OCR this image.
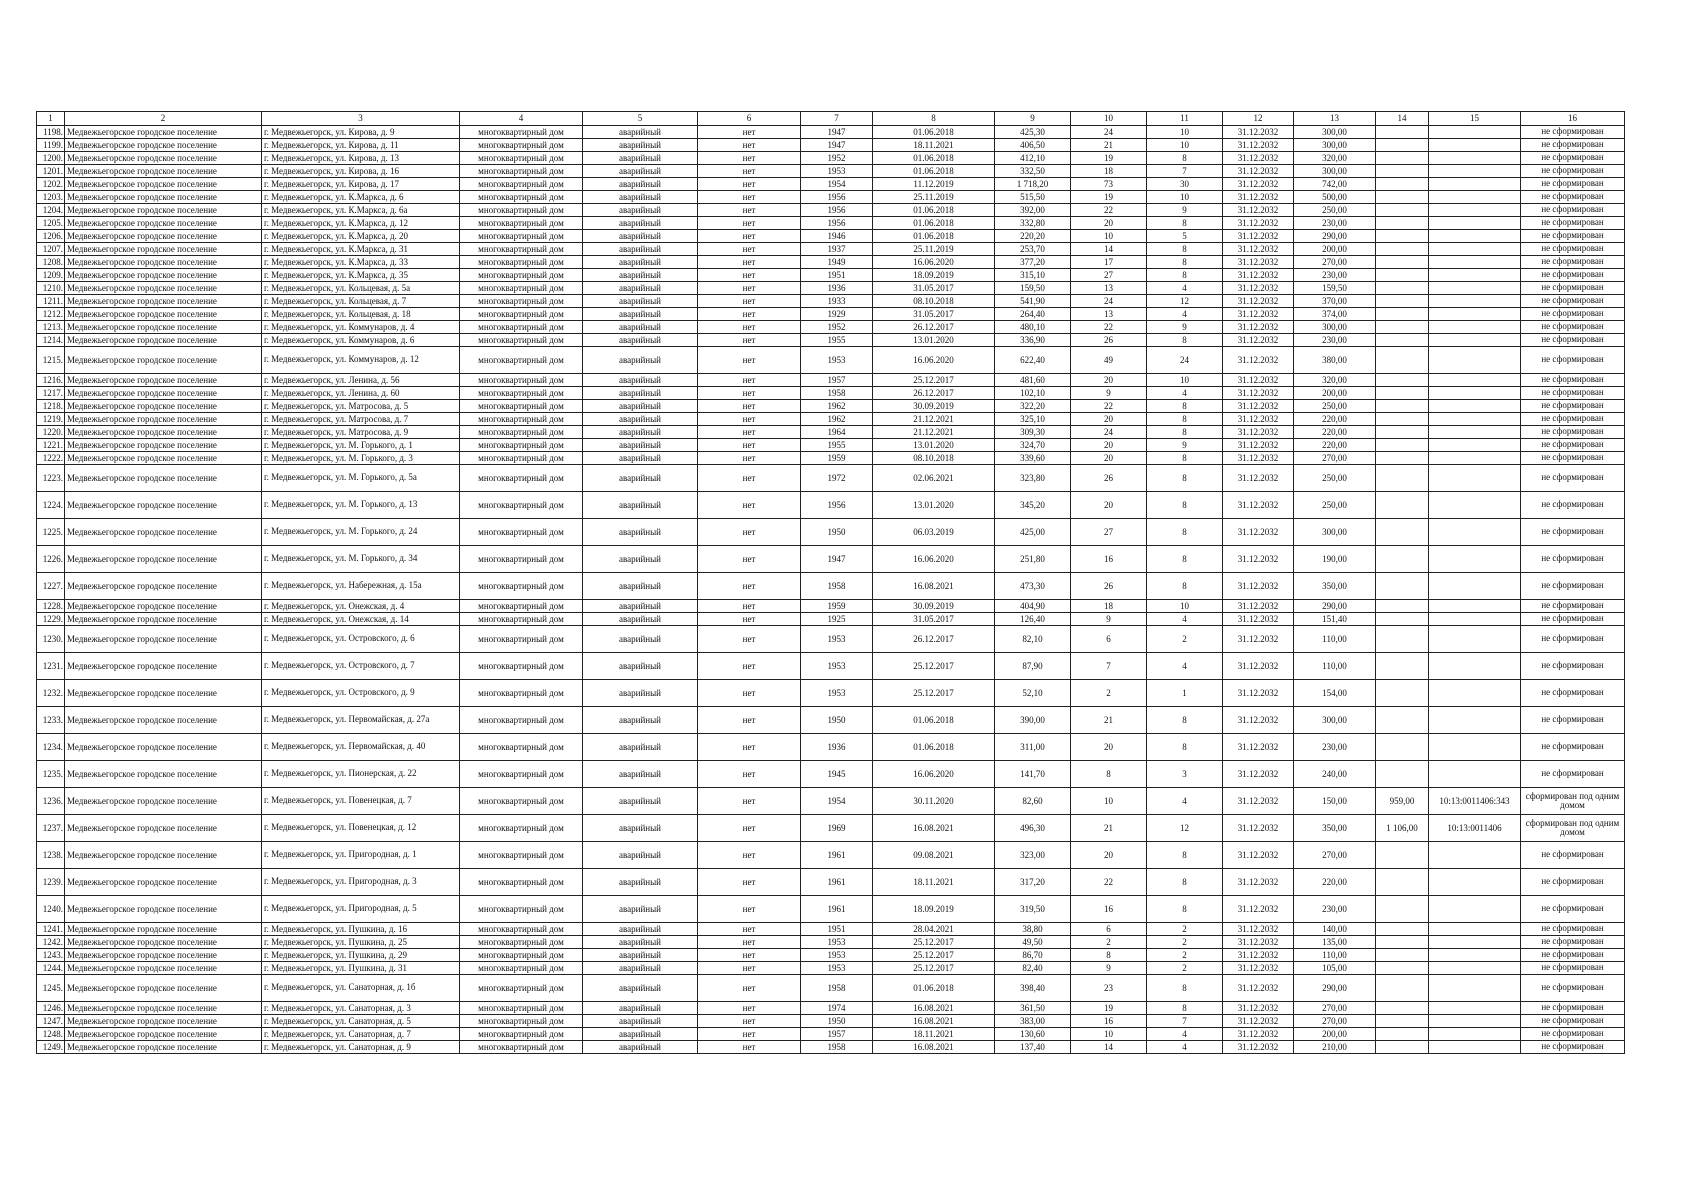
1	2	3	4	5	6	7	8	9	10	11	12	13	14	15	16
1198.	Медвежьегорское городское поселение	г. Медвежьегорск, ул. Кирова, д. 9	многоквартирный дом	аварийный	нет	1947	01.06.2018	425,30	24	10	31.12.2032	300,00			не сформирован
1199.	Медвежьегорское городское поселение	г. Медвежьегорск, ул. Кирова, д. 11	многоквартирный дом	аварийный	нет	1947	18.11.2021	406,50	21	10	31.12.2032	300,00			не сформирован
1200.	Медвежьегорское городское поселение	г. Медвежьегорск, ул. Кирова, д. 13	многоквартирный дом	аварийный	нет	1952	01.06.2018	412,10	19	8	31.12.2032	320,00			не сформирован
1201.	Медвежьегорское городское поселение	г. Медвежьегорск, ул. Кирова, д. 16	многоквартирный дом	аварийный	нет	1953	01.06.2018	332,50	18	7	31.12.2032	300,00			не сформирован
1202.	Медвежьегорское городское поселение	г. Медвежьегорск, ул. Кирова, д. 17	многоквартирный дом	аварийный	нет	1954	11.12.2019	1 718,20	73	30	31.12.2032	742,00			не сформирован
1203.	Медвежьегорское городское поселение	г. Медвежьегорск, ул. К.Маркса, д. 6	многоквартирный дом	аварийный	нет	1956	25.11.2019	515,50	19	10	31.12.2032	500,00			не сформирован
1204.	Медвежьегорское городское поселение	г. Медвежьегорск, ул. К.Маркса, д. 6а	многоквартирный дом	аварийный	нет	1956	01.06.2018	392,00	22	9	31.12.2032	250,00			не сформирован
1205.	Медвежьегорское городское поселение	г. Медвежьегорск, ул. К.Маркса, д. 12	многоквартирный дом	аварийный	нет	1956	01.06.2018	332,80	20	8	31.12.2032	230,00			не сформирован
1206.	Медвежьегорское городское поселение	г. Медвежьегорск, ул. К.Маркса, д. 20	многоквартирный дом	аварийный	нет	1946	01.06.2018	220,20	10	5	31.12.2032	290,00			не сформирован
1207.	Медвежьегорское городское поселение	г. Медвежьегорск, ул. К.Маркса, д. 31	многоквартирный дом	аварийный	нет	1937	25.11.2019	253,70	14	8	31.12.2032	200,00			не сформирован
1208.	Медвежьегорское городское поселение	г. Медвежьегорск, ул. К.Маркса, д. 33	многоквартирный дом	аварийный	нет	1949	16.06.2020	377,20	17	8	31.12.2032	270,00			не сформирован
1209.	Медвежьегорское городское поселение	г. Медвежьегорск, ул. К.Маркса, д. 35	многоквартирный дом	аварийный	нет	1951	18.09.2019	315,10	27	8	31.12.2032	230,00			не сформирован
1210.	Медвежьегорское городское поселение	г. Медвежьегорск, ул. Кольцевая, д. 5а	многоквартирный дом	аварийный	нет	1936	31.05.2017	159,50	13	4	31.12.2032	159,50			не сформирован
1211.	Медвежьегорское городское поселение	г. Медвежьегорск, ул. Кольцевая, д. 7	многоквартирный дом	аварийный	нет	1933	08.10.2018	541,90	24	12	31.12.2032	370,00			не сформирован
1212.	Медвежьегорское городское поселение	г. Медвежьегорск, ул. Кольцевая, д. 18	многоквартирный дом	аварийный	нет	1929	31.05.2017	264,40	13	4	31.12.2032	374,00			не сформирован
1213.	Медвежьегорское городское поселение	г. Медвежьегорск, ул. Коммунаров, д. 4	многоквартирный дом	аварийный	нет	1952	26.12.2017	480,10	22	9	31.12.2032	300,00			не сформирован
1214.	Медвежьегорское городское поселение	г. Медвежьегорск, ул. Коммунаров, д. 6	многоквартирный дом	аварийный	нет	1955	13.01.2020	336,90	26	8	31.12.2032	230,00			не сформирован
1215.	Медвежьегорское городское поселение	г. Медвежьегорск, ул. Коммунаров, д. 12	многоквартирный дом	аварийный	нет	1953	16.06.2020	622,40	49	24	31.12.2032	380,00			не сформирован
1216.	Медвежьегорское городское поселение	г. Медвежьегорск, ул. Ленина, д. 56	многоквартирный дом	аварийный	нет	1957	25.12.2017	481,60	20	10	31.12.2032	320,00			не сформирован
1217.	Медвежьегорское городское поселение	г. Медвежьегорск, ул. Ленина, д. 60	многоквартирный дом	аварийный	нет	1958	26.12.2017	102,10	9	4	31.12.2032	200,00			не сформирован
1218.	Медвежьегорское городское поселение	г. Медвежьегорск, ул. Матросова, д. 5	многоквартирный дом	аварийный	нет	1962	30.09.2019	322,20	22	8	31.12.2032	250,00			не сформирован
1219.	Медвежьегорское городское поселение	г. Медвежьегорск, ул. Матросова, д. 7	многоквартирный дом	аварийный	нет	1962	21.12.2021	325,10	20	8	31.12.2032	220,00			не сформирован
1220.	Медвежьегорское городское поселение	г. Медвежьегорск, ул. Матросова, д. 9	многоквартирный дом	аварийный	нет	1964	21.12.2021	309,30	24	8	31.12.2032	220,00			не сформирован
1221.	Медвежьегорское городское поселение	г. Медвежьегорск, ул. М. Горького, д. 1	многоквартирный дом	аварийный	нет	1955	13.01.2020	324,70	20	9	31.12.2032	220,00			не сформирован
1222.	Медвежьегорское городское поселение	г. Медвежьегорск, ул. М. Горького, д. 3	многоквартирный дом	аварийный	нет	1959	08.10.2018	339,60	20	8	31.12.2032	270,00			не сформирован
1223.	Медвежьегорское городское поселение	г. Медвежьегорск, ул. М. Горького, д. 5а	многоквартирный дом	аварийный	нет	1972	02.06.2021	323,80	26	8	31.12.2032	250,00			не сформирован
1224.	Медвежьегорское городское поселение	г. Медвежьегорск, ул. М. Горького, д. 13	многоквартирный дом	аварийный	нет	1956	13.01.2020	345,20	20	8	31.12.2032	250,00			не сформирован
1225.	Медвежьегорское городское поселение	г. Медвежьегорск, ул. М. Горького, д. 24	многоквартирный дом	аварийный	нет	1950	06.03.2019	425,00	27	8	31.12.2032	300,00			не сформирован
1226.	Медвежьегорское городское поселение	г. Медвежьегорск, ул. М. Горького, д. 34	многоквартирный дом	аварийный	нет	1947	16.06.2020	251,80	16	8	31.12.2032	190,00			не сформирован
1227.	Медвежьегорское городское поселение	г. Медвежьегорск, ул. Набережная, д. 15а	многоквартирный дом	аварийный	нет	1958	16.08.2021	473,30	26	8	31.12.2032	350,00			не сформирован
1228.	Медвежьегорское городское поселение	г. Медвежьегорск, ул. Онежская, д. 4	многоквартирный дом	аварийный	нет	1959	30.09.2019	404,90	18	10	31.12.2032	290,00			не сформирован
1229.	Медвежьегорское городское поселение	г. Медвежьегорск, ул. Онежская, д. 14	многоквартирный дом	аварийный	нет	1925	31.05.2017	126,40	9	4	31.12.2032	151,40			не сформирован
1230.	Медвежьегорское городское поселение	г. Медвежьегорск, ул. Островского, д. 6	многоквартирный дом	аварийный	нет	1953	26.12.2017	82,10	6	2	31.12.2032	110,00			не сформирован
1231.	Медвежьегорское городское поселение	г. Медвежьегорск, ул. Островского, д. 7	многоквартирный дом	аварийный	нет	1953	25.12.2017	87,90	7	4	31.12.2032	110,00			не сформирован
1232.	Медвежьегорское городское поселение	г. Медвежьегорск, ул. Островского, д. 9	многоквартирный дом	аварийный	нет	1953	25.12.2017	52,10	2	1	31.12.2032	154,00			не сформирован
1233.	Медвежьегорское городское поселение	г. Медвежьегорск, ул. Первомайская, д. 27а	многоквартирный дом	аварийный	нет	1950	01.06.2018	390,00	21	8	31.12.2032	300,00			не сформирован
1234.	Медвежьегорское городское поселение	г. Медвежьегорск, ул. Первомайская, д. 40	многоквартирный дом	аварийный	нет	1936	01.06.2018	311,00	20	8	31.12.2032	230,00			не сформирован
1235.	Медвежьегорское городское поселение	г. Медвежьегорск, ул. Пионерская, д. 22	многоквартирный дом	аварийный	нет	1945	16.06.2020	141,70	8	3	31.12.2032	240,00			не сформирован
1236.	Медвежьегорское городское поселение	г. Медвежьегорск, ул. Повенецкая, д. 7	многоквартирный дом	аварийный	нет	1954	30.11.2020	82,60	10	4	31.12.2032	150,00	959,00	10:13:0011406:343	сформирован под одним домом
1237.	Медвежьегорское городское поселение	г. Медвежьегорск, ул. Повенецкая, д. 12	многоквартирный дом	аварийный	нет	1969	16.08.2021	496,30	21	12	31.12.2032	350,00	1 106,00	10:13:0011406	сформирован под одним домом
1238.	Медвежьегорское городское поселение	г. Медвежьегорск, ул. Пригородная, д. 1	многоквартирный дом	аварийный	нет	1961	09.08.2021	323,00	20	8	31.12.2032	270,00			не сформирован
1239.	Медвежьегорское городское поселение	г. Медвежьегорск, ул. Пригородная, д. 3	многоквартирный дом	аварийный	нет	1961	18.11.2021	317,20	22	8	31.12.2032	220,00			не сформирован
1240.	Медвежьегорское городское поселение	г. Медвежьегорск, ул. Пригородная, д. 5	многоквартирный дом	аварийный	нет	1961	18.09.2019	319,50	16	8	31.12.2032	230,00			не сформирован
1241.	Медвежьегорское городское поселение	г. Медвежьегорск, ул. Пушкина, д. 16	многоквартирный дом	аварийный	нет	1951	28.04.2021	38,80	6	2	31.12.2032	140,00			не сформирован
1242.	Медвежьегорское городское поселение	г. Медвежьегорск, ул. Пушкина, д. 25	многоквартирный дом	аварийный	нет	1953	25.12.2017	49,50	2	2	31.12.2032	135,00			не сформирован
1243.	Медвежьегорское городское поселение	г. Медвежьегорск, ул. Пушкина, д. 29	многоквартирный дом	аварийный	нет	1953	25.12.2017	86,70	8	2	31.12.2032	110,00			не сформирован
1244.	Медвежьегорское городское поселение	г. Медвежьегорск, ул. Пушкина, д. 31	многоквартирный дом	аварийный	нет	1953	25.12.2017	82,40	9	2	31.12.2032	105,00			не сформирован
1245.	Медвежьегорское городское поселение	г. Медвежьегорск, ул. Санаторная, д. 1б	многоквартирный дом	аварийный	нет	1958	01.06.2018	398,40	23	8	31.12.2032	290,00			не сформирован
1246.	Медвежьегорское городское поселение	г. Медвежьегорск, ул. Санаторная, д. 3	многоквартирный дом	аварийный	нет	1974	16.08.2021	361,50	19	8	31.12.2032	270,00			не сформирован
1247.	Медвежьегорское городское поселение	г. Медвежьегорск, ул. Санаторная, д. 5	многоквартирный дом	аварийный	нет	1950	16.08.2021	383,00	16	7	31.12.2032	270,00			не сформирован
1248.	Медвежьегорское городское поселение	г. Медвежьегорск, ул. Санаторная, д. 7	многоквартирный дом	аварийный	нет	1957	18.11.2021	130,60	10	4	31.12.2032	200,00			не сформирован
1249.	Медвежьегорское городское поселение	г. Медвежьегорск, ул. Санаторная, д. 9	многоквартирный дом	аварийный	нет	1958	16.08.2021	137,40	14	4	31.12.2032	210,00			не сформирован
